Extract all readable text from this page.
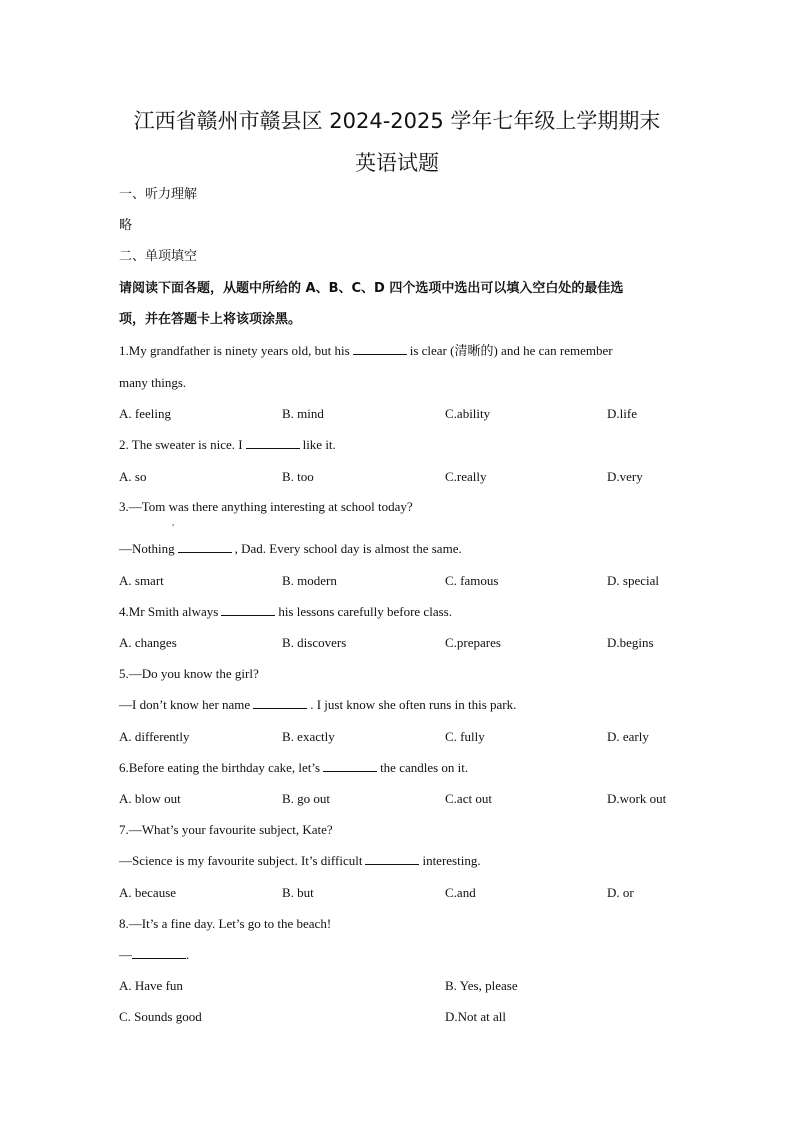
江西省赣州市赣县区 2024-2025 学年七年级上学期期末
英语试题
一、听力理解
略
二、单项填空
请阅读下面各题，从题中所给的 A、B、C、D 四个选项中选出可以填入空白处的最佳选
项，并在答题卡上将该项涂黑。
1.My grandfather is ninety years old, but his	is clear (清晰的) and he can remember
many things.
A. feeling	B. mind	C.ability	D.life
2. The sweater is nice. I	like it.
A. so	B. too	C.really	D.very
3.—Tom was there anything interesting at school today?
,
—Nothing	, Dad. Every school day is almost the same.
A. smart	B. modern	C. famous	D. special
4.Mr Smith always	his lessons carefully before class.
A. changes	B. discovers	C.prepares	D.begins
5.—Do you know the girl?
—I don’t know her name	. I just know she often runs in this park.
A. differently	B. exactly	C. fully	D. early
6.Before eating the birthday cake, let’s	the candles on it.
A. blow out	B. go out	C.act out	D.work out
7.—What’s your favourite subject, Kate?
—Science is my favourite subject. It’s difficult	interesting.
A. because	B. but	C.and	D. or
8.—It’s a fine day. Let’s go to the beach!
—	.
A. Have fun	B. Yes, please
C. Sounds good	D.Not at all
